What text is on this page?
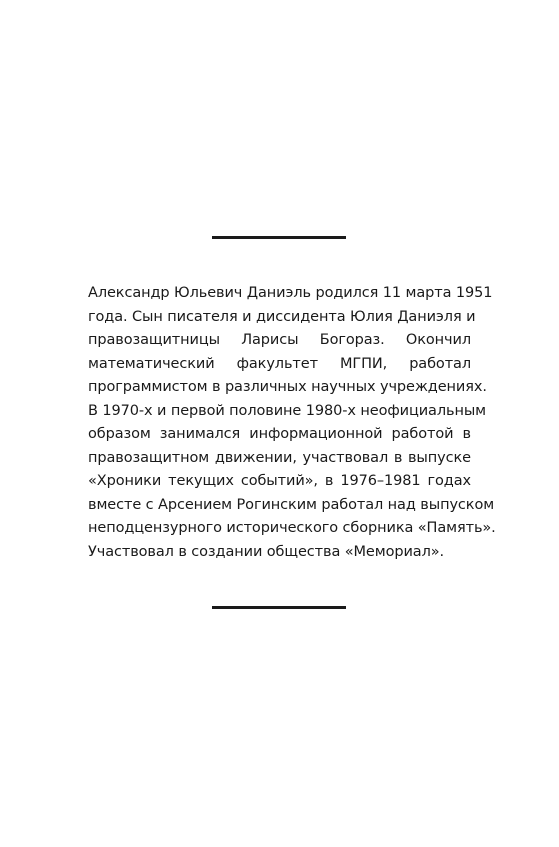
Александр Юльевич Даниэль родился 11 марта 1951
года. Сын писателя и диссидента Юлия Даниэля и
правозащитницы Ларисы Богораз. Окончил
математический факультет МГПИ, работал
программистом в различных научных учреждениях.
В 1970-х и первой половине 1980-х неофициальным
образом занимался информационной работой в
правозащитном движении, участвовал в выпуске
«Хроники текущих событий», в 1976–1981 годах
вместе с Арсением Рогинским работал над выпуском
неподцензурного исторического сборника «Память».
Участвовал в создании общества «Мемориал».
